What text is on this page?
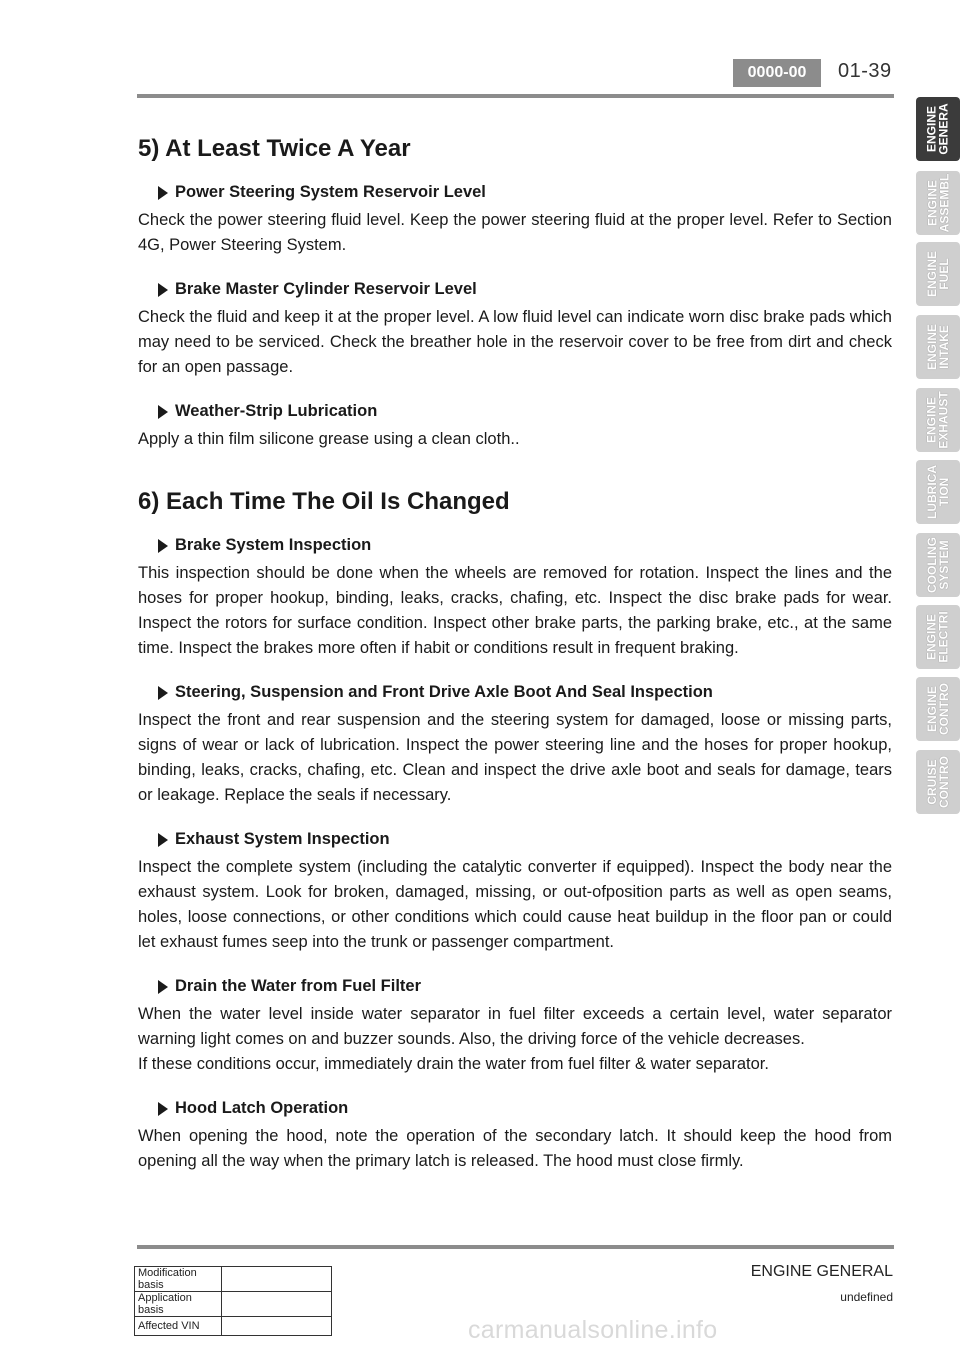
0000-00	01-39
5) At Least Twice A Year
Power Steering System Reservoir Level

Check the power steering fluid level. Keep the power steering fluid at the proper level. Refer to Section 4G, Power Steering System.

Brake Master Cylinder Reservoir Level

Check the fluid and keep it at the proper level. A low fluid level can indicate worn disc brake pads which may need to be serviced. Check the breather hole in the reservoir cover to be free from dirt and check for an open passage.

Weather-Strip Lubrication

Apply a thin film silicone grease using a clean cloth..

6) Each Time The Oil Is Changed
Brake System Inspection

This inspection should be done when the wheels are removed for rotation. Inspect the lines and the hoses for proper hookup, binding, leaks, cracks, chafing, etc. Inspect the disc brake pads for wear. Inspect the rotors for surface condition. Inspect other brake parts, the parking brake, etc., at the same time. Inspect the brakes more often if habit or conditions result in frequent braking.

Steering, Suspension and Front Drive Axle Boot And Seal Inspection

Inspect the front and rear suspension and the steering system for damaged, loose or missing parts, signs of wear or lack of lubrication. Inspect the power steering line and the hoses for proper hookup, binding, leaks, cracks, chafing, etc. Clean and inspect the drive axle boot and seals for damage, tears or leakage. Replace the seals if necessary.

Exhaust System Inspection

Inspect the complete system (including the catalytic converter if equipped). Inspect the body near the exhaust system. Look for broken, damaged, missing, or out-ofposition parts as well as open seams, holes, loose connections, or other conditions which could cause heat buildup in the floor pan or could let exhaust fumes seep into the trunk or passenger compartment.

Drain the Water from Fuel Filter

When the water level inside water separator in fuel filter exceeds a certain level, water separator warning light comes on and buzzer sounds. Also, the driving force of the vehicle decreases.

If these conditions occur, immediately drain the water from fuel filter & water separator.

Hood Latch Operation

When opening the hood, note the operation of the secondary latch. It should keep the hood from opening all the way when the primary latch is released. The hood must close firmly.

ENGINE
GENERA
ENGINE
ASSEMBL
ENGINE
FUEL
ENGINE
INTAKE
ENGINE
EXHAUST
LUBRICA
TION
COOLING
SYSTEM
ENGINE
ELECTRI
ENGINE
CONTRO
CRUISE
CONTRO
Modification basis	
Application basis	
Affected VIN	
ENGINE GENERAL
undefined
carmanualsonline.info
